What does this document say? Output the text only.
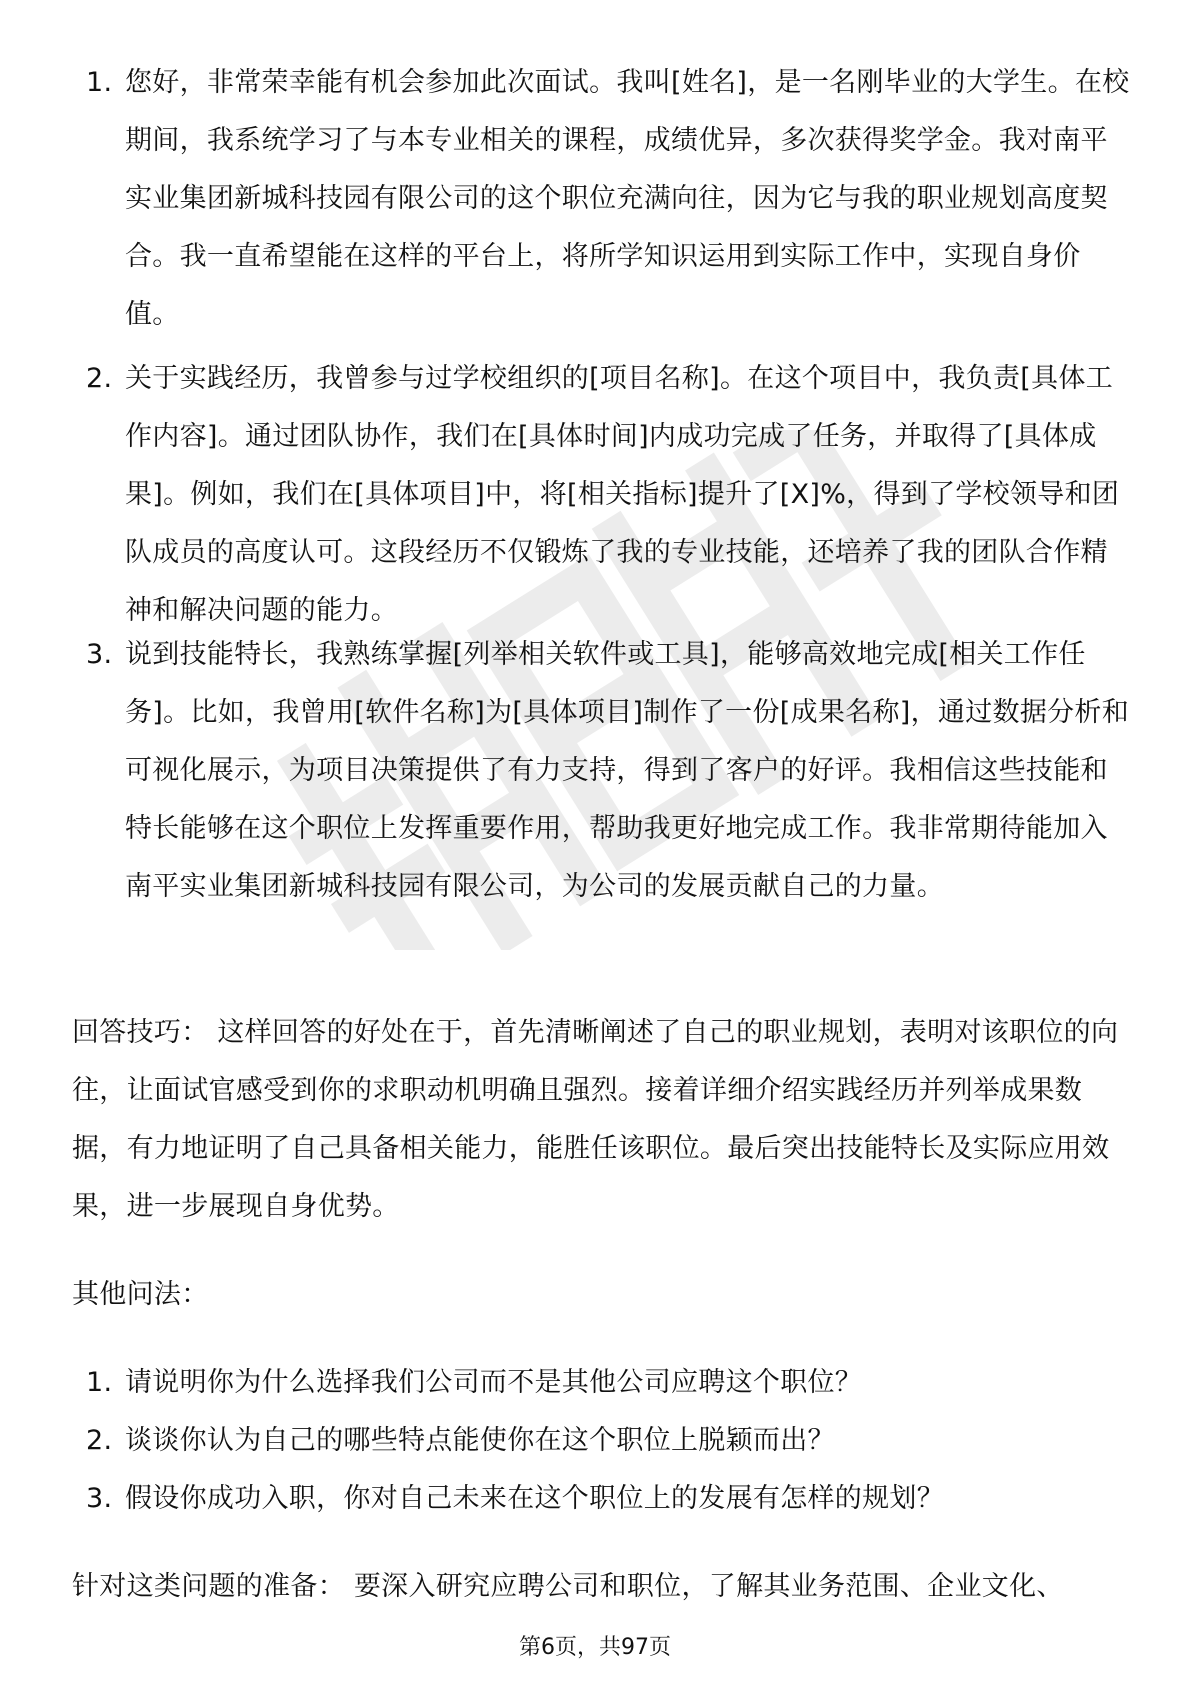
1. 您好，非常荣幸能有机会参加此次面试。我叫[姓名]，是一名刚毕业的大学生。在校期间，我系统学习了与本专业相关的课程，成绩优异，多次获得奖学金。我对南平实业集团新城科技园有限公司的这个职位充满向往，因为它与我的职业规划高度契合。我一直希望能在这样的平台上，将所学知识运用到实际工作中，实现自身价值。
2. 关于实践经历，我曾参与过学校组织的[项目名称]。在这个项目中，我负责[具体工作内容]。通过团队协作，我们在[具体时间]内成功完成了任务，并取得了[具体成果]。例如，我们在[具体项目]中，将[相关指标]提升了[X]%，得到了学校领导和团队成员的高度认可。这段经历不仅锻炼了我的专业技能，还培养了我的团队合作精神和解决问题的能力。
3. 说到技能特长，我熟练掌握[列举相关软件或工具]，能够高效地完成[相关工作任务]。比如，我曾用[软件名称]为[具体项目]制作了一份[成果名称]，通过数据分析和可视化展示，为项目决策提供了有力支持，得到了客户的好评。我相信这些技能和特长能够在这个职位上发挥重要作用，帮助我更好地完成工作。我非常期待能加入南平实业集团新城科技园有限公司，为公司的发展贡献自己的力量。

回答技巧： 这样回答的好处在于，首先清晰阐述了自己的职业规划，表明对该职位的向往，让面试官感受到你的求职动机明确且强烈。接着详细介绍实践经历并列举成果数据，有力地证明了自己具备相关能力，能胜任该职位。最后突出技能特长及实际应用效果，进一步展现自身优势。

其他问法：

1. 请说明你为什么选择我们公司而不是其他公司应聘这个职位？
2. 谈谈你认为自己的哪些特点能使你在这个职位上脱颖而出？
3. 假设你成功入职，你对自己未来在这个职位上的发展有怎样的规划？

针对这类问题的准备： 要深入研究应聘公司和职位，了解其业务范围、企业文化、

第6页，共97页
